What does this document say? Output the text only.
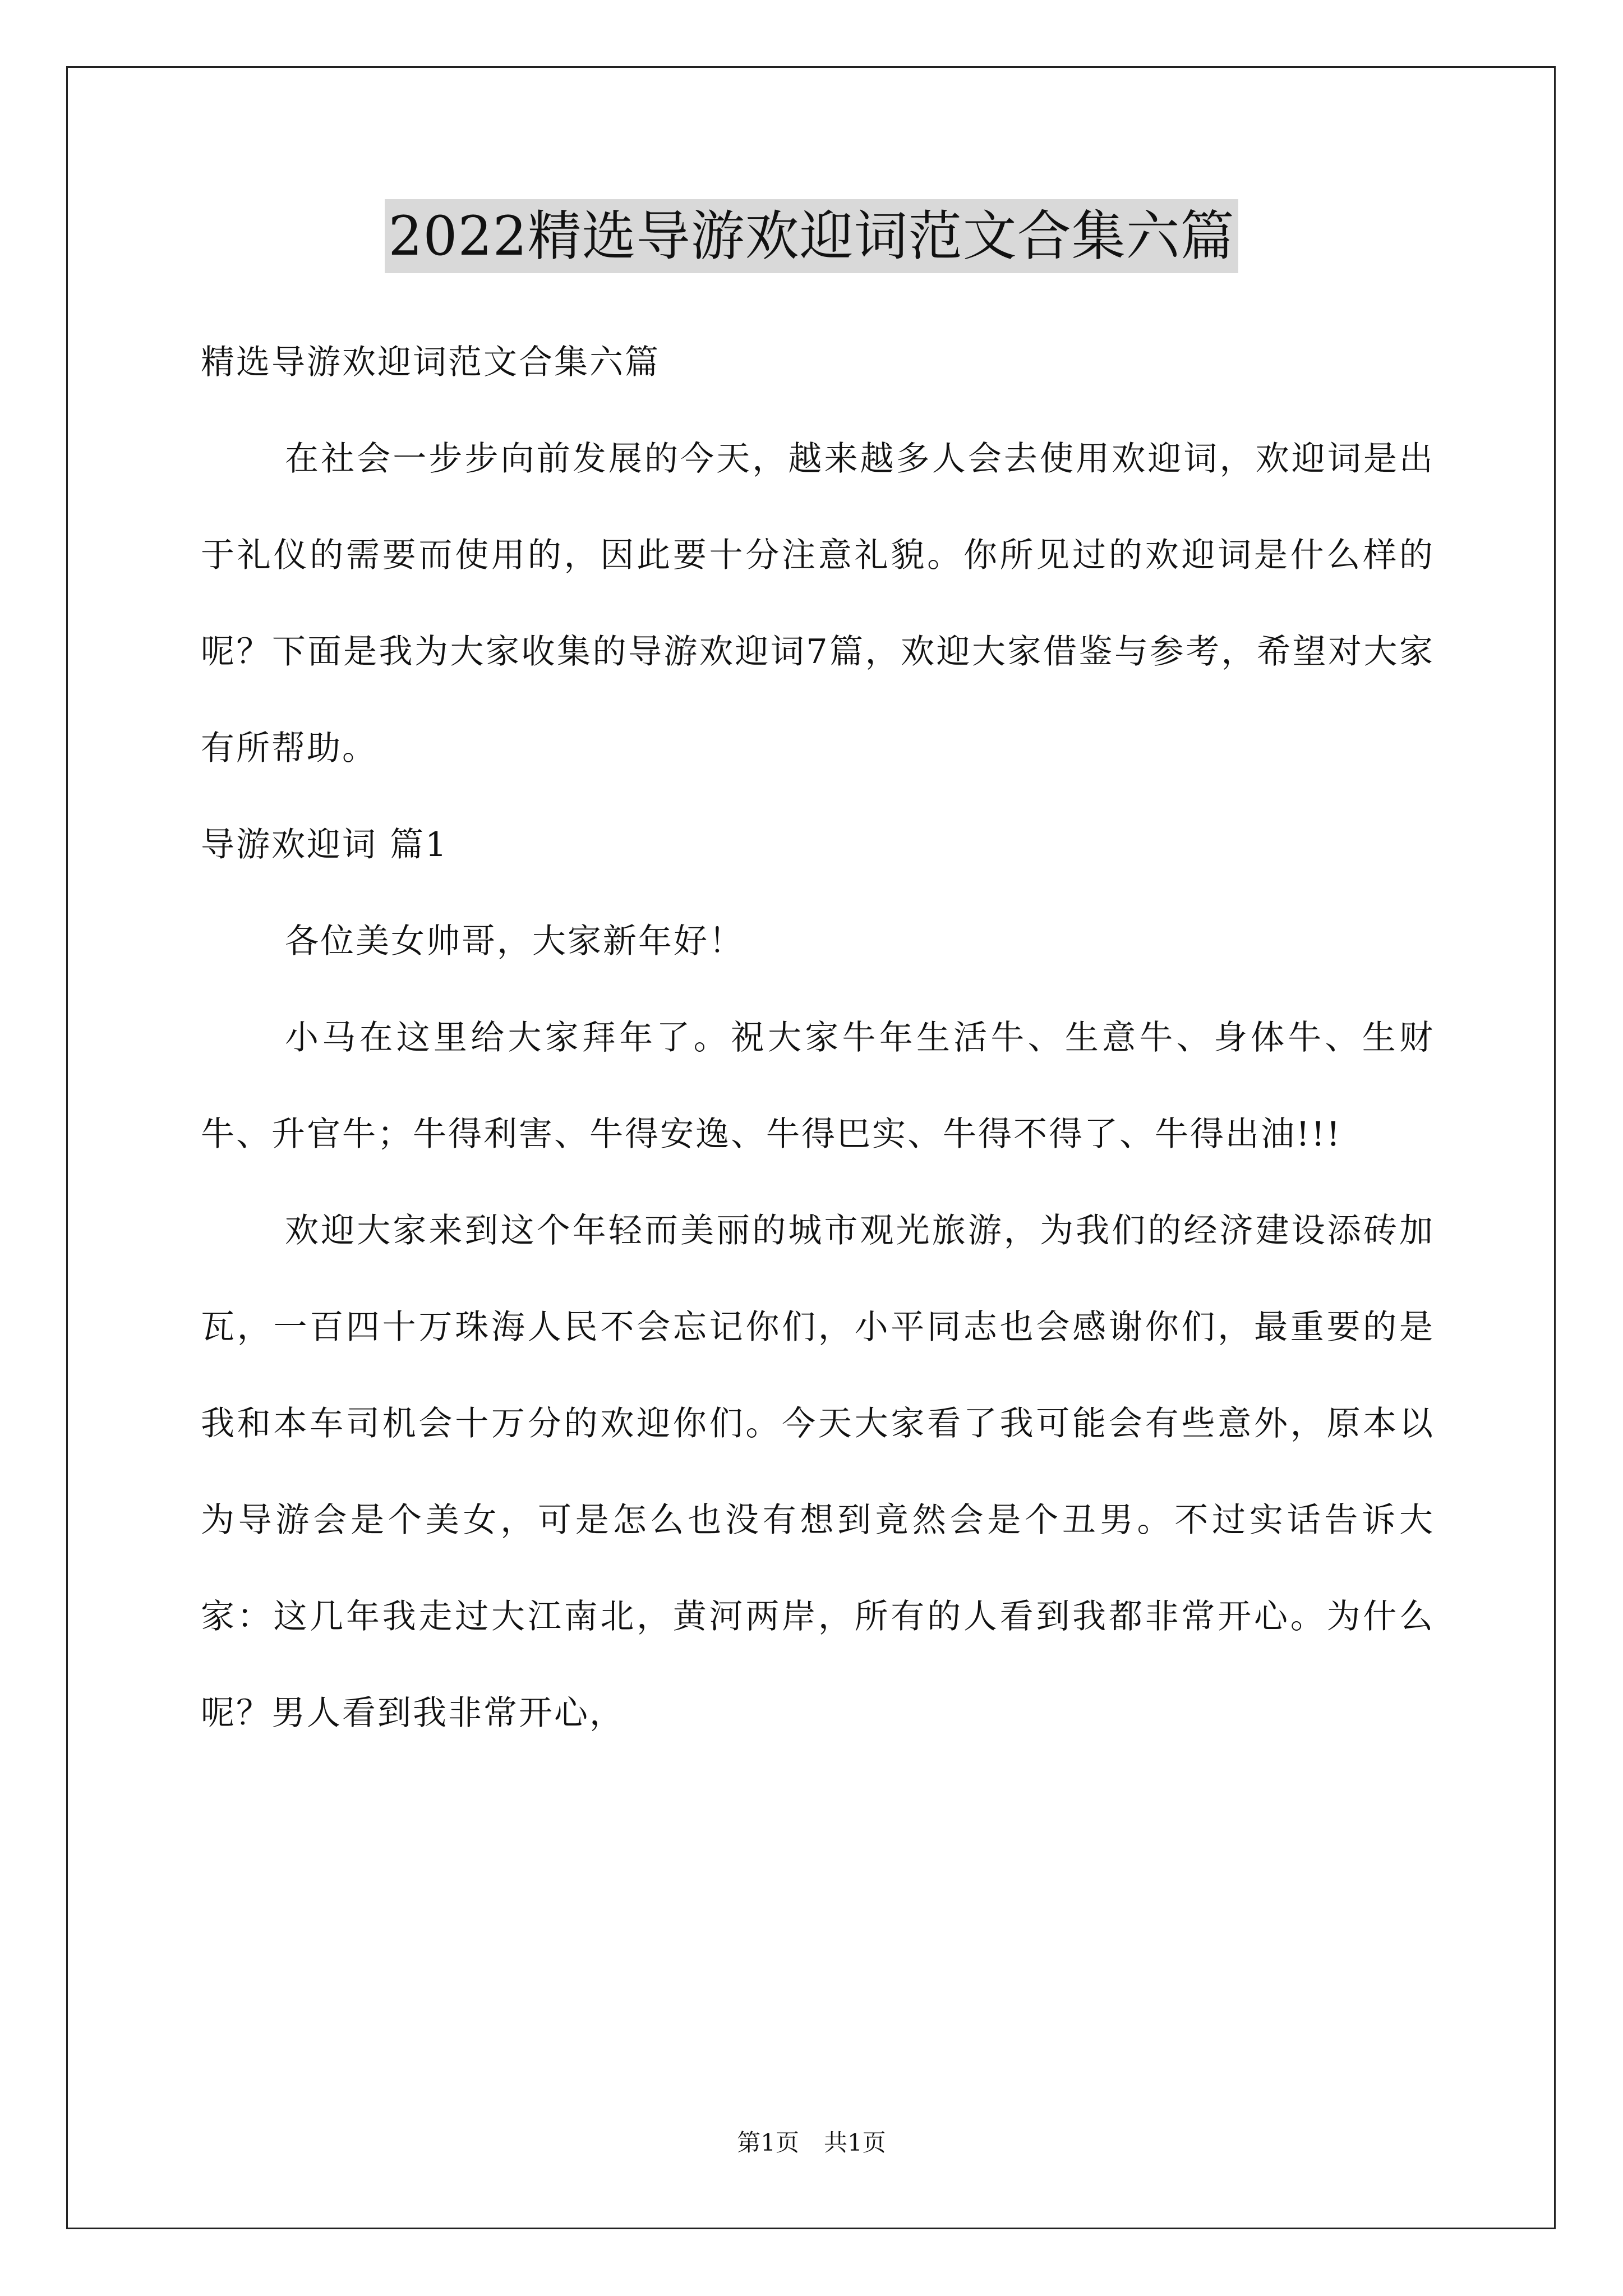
2022精选导游欢迎词范文合集六篇

精选导游欢迎词范文合集六篇

在社会一步步向前发展的今天，越来越多人会去使用欢迎词，欢迎词是出于礼仪的需要而使用的，因此要十分注意礼貌。你所见过的欢迎词是什么样的呢？下面是我为大家收集的导游欢迎词7篇，欢迎大家借鉴与参考，希望对大家有所帮助。

导游欢迎词 篇1

各位美女帅哥，大家新年好！

小马在这里给大家拜年了。祝大家牛年生活牛、生意牛、身体牛、生财牛、升官牛；牛得利害、牛得安逸、牛得巴实、牛得不得了、牛得出油!!!

欢迎大家来到这个年轻而美丽的城市观光旅游，为我们的经济建设添砖加瓦，一百四十万珠海人民不会忘记你们，小平同志也会感谢你们，最重要的是我和本车司机会十万分的欢迎你们。今天大家看了我可能会有些意外，原本以为导游会是个美女，可是怎么也没有想到竟然会是个丑男。不过实话告诉大家：这几年我走过大江南北，黄河两岸，所有的人看到我都非常开心。为什么呢？男人看到我非常开心，

第1页 共1页
